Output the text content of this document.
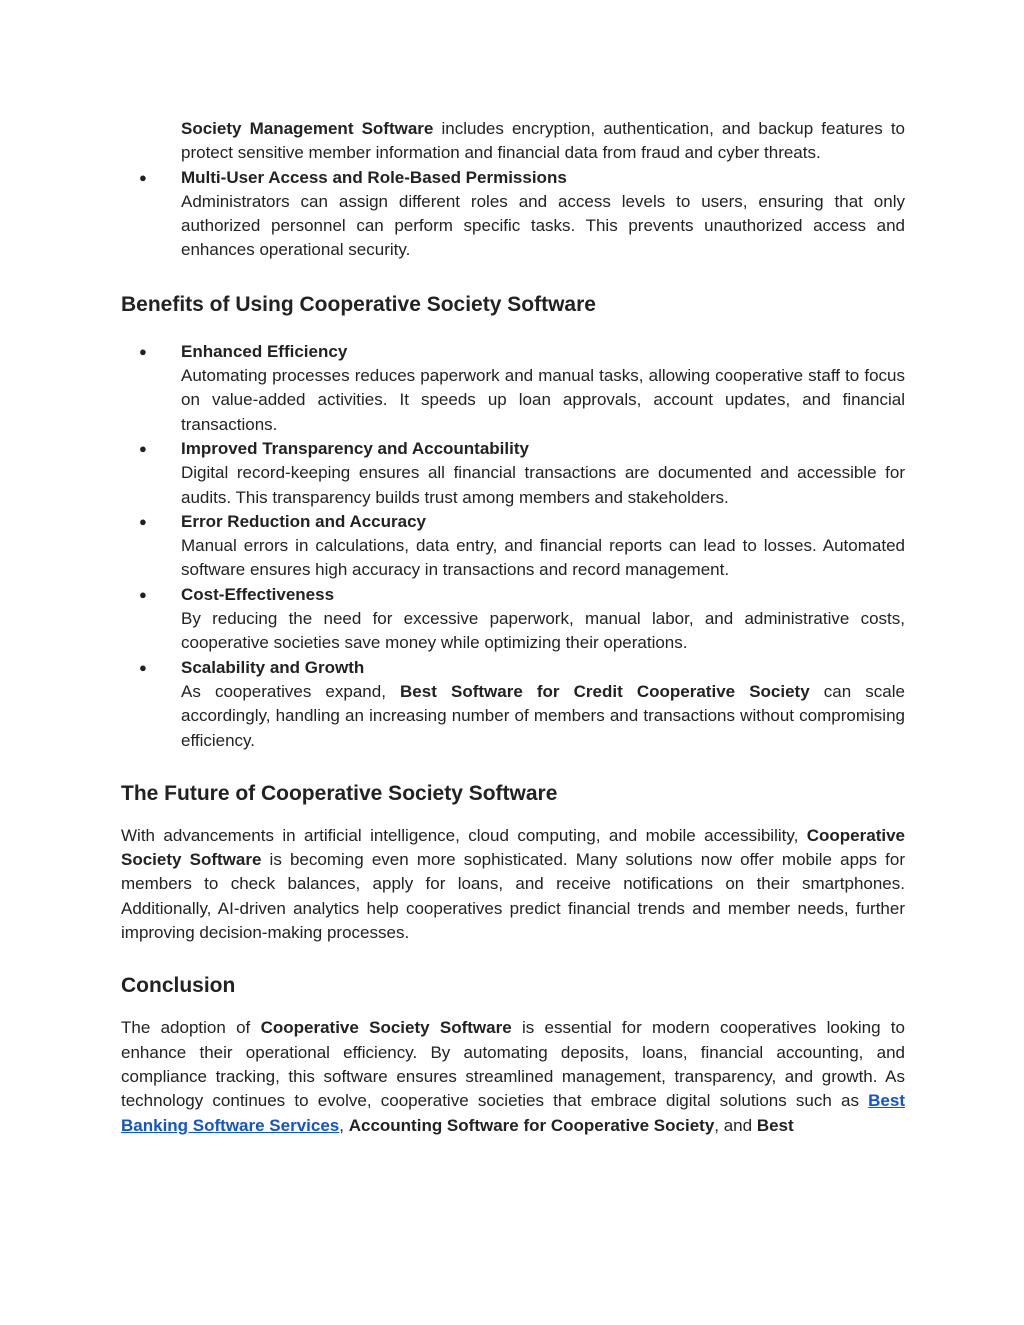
Society Management Software includes encryption, authentication, and backup features to protect sensitive member information and financial data from fraud and cyber threats.

● Multi-User Access and Role-Based Permissions

Administrators can assign different roles and access levels to users, ensuring that only authorized personnel can perform specific tasks. This prevents unauthorized access and enhances operational security.

Benefits of Using Cooperative Society Software
● Enhanced Efficiency

Automating processes reduces paperwork and manual tasks, allowing cooperative staff to focus on value-added activities. It speeds up loan approvals, account updates, and financial transactions.

● Improved Transparency and Accountability

Digital record-keeping ensures all financial transactions are documented and accessible for audits. This transparency builds trust among members and stakeholders.

● Error Reduction and Accuracy

Manual errors in calculations, data entry, and financial reports can lead to losses. Automated software ensures high accuracy in transactions and record management.

● Cost-Effectiveness

By reducing the need for excessive paperwork, manual labor, and administrative costs, cooperative societies save money while optimizing their operations.

● Scalability and Growth

As cooperatives expand, Best Software for Credit Cooperative Society can scale accordingly, handling an increasing number of members and transactions without compromising efficiency.

The Future of Cooperative Society Software

With advancements in artificial intelligence, cloud computing, and mobile accessibility, Cooperative Society Software is becoming even more sophisticated. Many solutions now offer mobile apps for members to check balances, apply for loans, and receive notifications on their smartphones. Additionally, AI-driven analytics help cooperatives predict financial trends and member needs, further improving decision-making processes.

Conclusion

The adoption of Cooperative Society Software is essential for modern cooperatives looking to enhance their operational efficiency. By automating deposits, loans, financial accounting, and compliance tracking, this software ensures streamlined management, transparency, and growth. As technology continues to evolve, cooperative societies that embrace digital solutions such as Best Banking Software Services, Accounting Software for Cooperative Society, and Best
